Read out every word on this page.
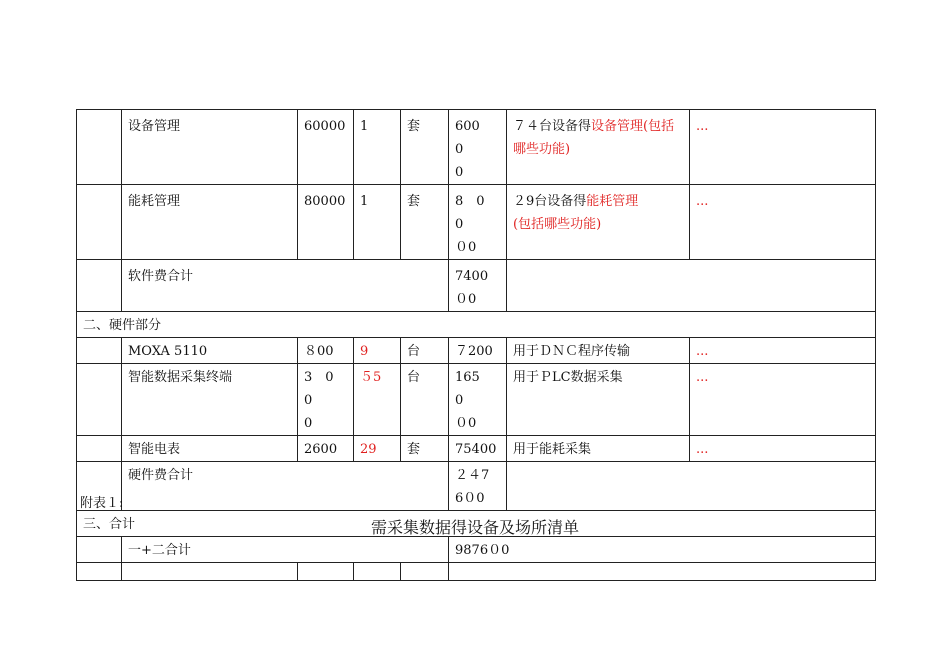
	设备管理	60000	1	套	600　0
0	７４台设备得设备管理(包括
哪些功能)	...
	能耗管理	80000	1	套	8　0　0
０0	２9台设备得能耗管理
(包括哪些功能)	...
	软件费合计				7400
０0		
二、硬件部分							
	MOXA 5110	８00	9	台	７200	用于ＤＮＣ程序传输	...
	智能数据采集终端	3　0　0
0	５5	台	165　0
０0	用于ＰLC数据采集	...
	智能电表	2600	29	套	75400	用于能耗采集	...
	硬件费合计				２４7
6０0		
三、合计							
	一+二合计				9876０0		

附表１:
需采集数据得设备及场所清单
